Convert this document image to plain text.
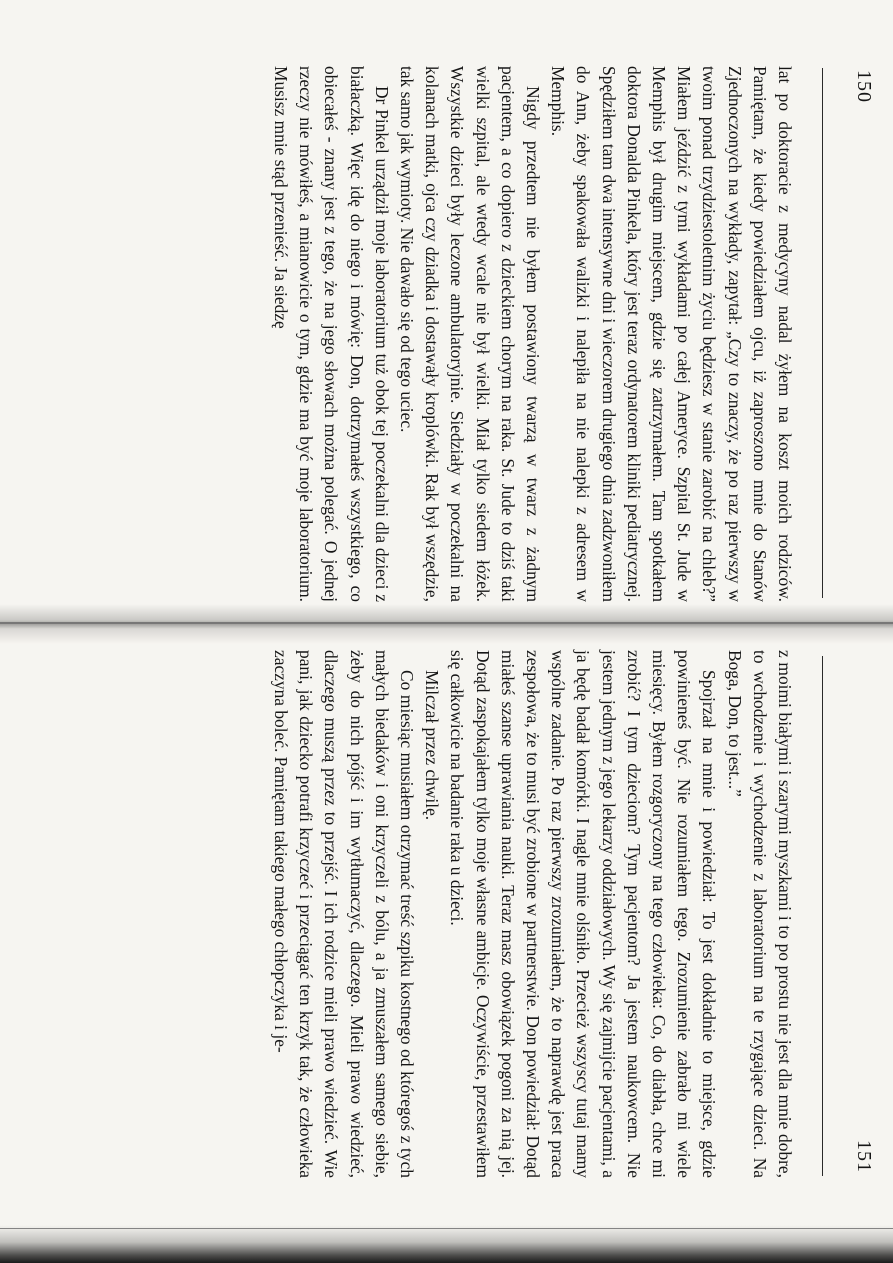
150

lat po doktoracie z medycyny nadal żyłem na koszt moich rodziców. Pamiętam, że kiedy powiedziałem ojcu, iż zaproszono mnie do Stanów Zjednoczonych na wykłady, zapytał: „Czy to znaczy, że po raz pierwszy w twoim ponad trzydziestoletnim życiu będziesz w stanie zarobić na chleb?” Miałem jeździć z tymi wykładami po całej Ameryce. Szpital St. Jude w Memphis był drugim miejscem, gdzie się zatrzymałem. Tam spotkałem doktora Donalda Pinkela, który jest teraz ordynatorem kliniki pediatrycznej. Spędziłem tam dwa intensywne dni i wieczorem drugiego dnia zadzwoniłem do Ann, żeby spakowała walizki i nalepiła na nie nalepki z adresem w Memphis.

Nigdy przedtem nie byłem postawiony twarzą w twarz z żadnym pacjentem, a co dopiero z dzieckiem chorym na raka. St. Jude to dziś taki wielki szpital, ale wtedy wcale nie był wielki. Miał tylko siedem łóżek. Wszystkie dzieci były leczone ambulatoryjnie. Siedziały w poczekalni na kolanach matki, ojca czy dziadka i dostawały kroplówki. Rak był wszędzie, tak samo jak wymioty. Nie dawało się od tego uciec.

Dr Pinkel urządził moje laboratorium tuż obok tej poczekalni dla dzieci z białaczką. Więc idę do niego i mówię: Don, dotrzymałeś wszystkiego, co obiecałeś - znany jest z tego, że na jego słowach można polegać. O jednej rzeczy nie mówiłeś, a mianowicie o tym, gdzie ma być moje laboratorium. Musisz mnie stąd przenieść. Ja siedzę

151

z moimi białymi i szarymi myszkami i to po prostu nie jest dla mnie dobre, to wchodzenie i wychodzenie z laboratorium na te rzygające dzieci. Na Boga, Don, to jest...”

Spojrzał na mnie i powiedział: To jest dokładnie to miejsce, gdzie powinieneś być. Nie rozumiałem tego. Zrozumienie zabrało mi wiele miesięcy. Byłem rozgoryczony na tego człowieka: Co, do diabła, chce mi zrobić? I tym dzieciom? Tym pacjentom? Ja jestem naukowcem. Nie jestem jednym z jego lekarzy oddziałowych. Wy się zajmijcie pacjentami, a ja będę badał komórki. I nagle mnie olśniło. Przecież wszyscy tutaj mamy wspólne zadanie. Po raz pierwszy zrozumiałem, że to naprawdę jest praca zespołowa, że to musi być zrobione w partnerstwie. Don powiedział: Dotąd miałeś szanse uprawiania nauki. Teraz masz obowiązek pogoni za nią jej. Dotąd zaspokajałem tylko moje własne ambicje. Oczywiście, przestawiłem się całkowicie na badanie raka u dzieci.

Milczał przez chwilę.

Co miesiąc musiałem otrzymać treść szpiku kostnego od któregoś z tych małych biedaków i oni krzyczeli z bólu, a ja zmuszałem samego siebie, żeby do nich pójść i im wytłumaczyć, dlaczego. Mieli prawo wiedzieć, dlaczego muszą przez to przejść. I ich rodzice mieli prawo wiedzieć. Wie pani, jak dziecko potrafi krzyczeć i przeciągać ten krzyk tak, że człowieka zaczyna boleć. Pamiętam takiego małego chłopczyka i je-
